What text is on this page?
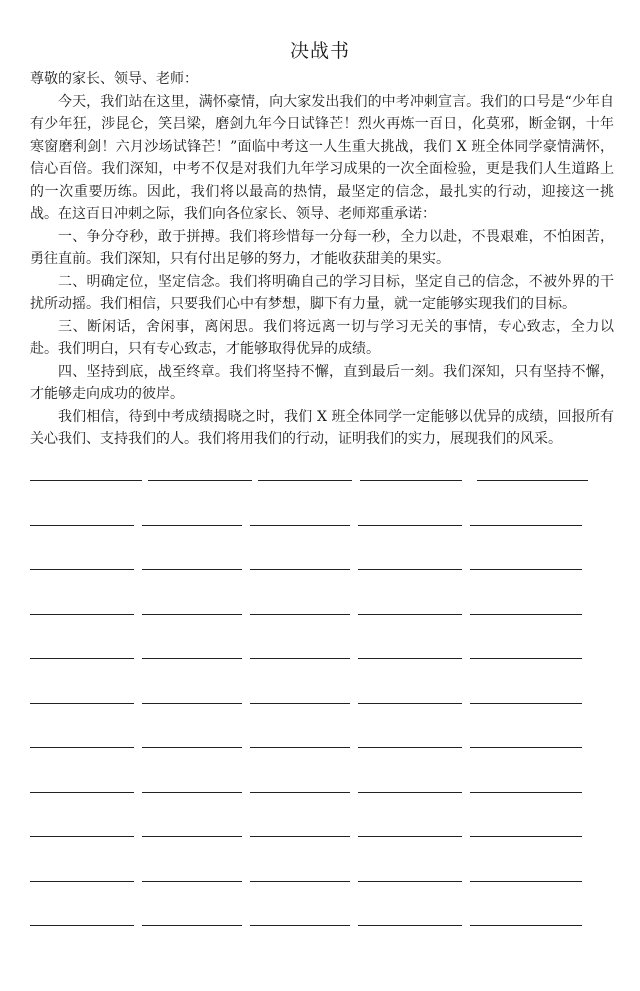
决战书

尊敬的家长、领导、老师：

今天，我们站在这里，满怀豪情，向大家发出我们的中考冲刺宣言。我们的口号是“少年自有少年狂，涉昆仑，笑吕梁，磨剑九年今日试锋芒！烈火再炼一百日，化莫邪，断金钢，十年寒窗磨利剑！六月沙场试锋芒！”面临中考这一人生重大挑战，我们 X 班全体同学豪情满怀，信心百倍。我们深知，中考不仅是对我们九年学习成果的一次全面检验，更是我们人生道路上的一次重要历练。因此，我们将以最高的热情，最坚定的信念，最扎实的行动，迎接这一挑战。在这百日冲刺之际，我们向各位家长、领导、老师郑重承诺：

一、争分夺秒，敢于拼搏。我们将珍惜每一分每一秒，全力以赴，不畏艰难，不怕困苦，勇往直前。我们深知，只有付出足够的努力，才能收获甜美的果实。

二、明确定位，坚定信念。我们将明确自己的学习目标，坚定自己的信念，不被外界的干扰所动摇。我们相信，只要我们心中有梦想，脚下有力量，就一定能够实现我们的目标。

三、断闲话，舍闲事，离闲思。我们将远离一切与学习无关的事情，专心致志，全力以赴。我们明白，只有专心致志，才能够取得优异的成绩。

四、坚持到底，战至终章。我们将坚持不懈，直到最后一刻。我们深知，只有坚持不懈，才能够走向成功的彼岸。

我们相信，待到中考成绩揭晓之时，我们 X 班全体同学一定能够以优异的成绩，回报所有关心我们、支持我们的人。我们将用我们的行动，证明我们的实力，展现我们的风采。
